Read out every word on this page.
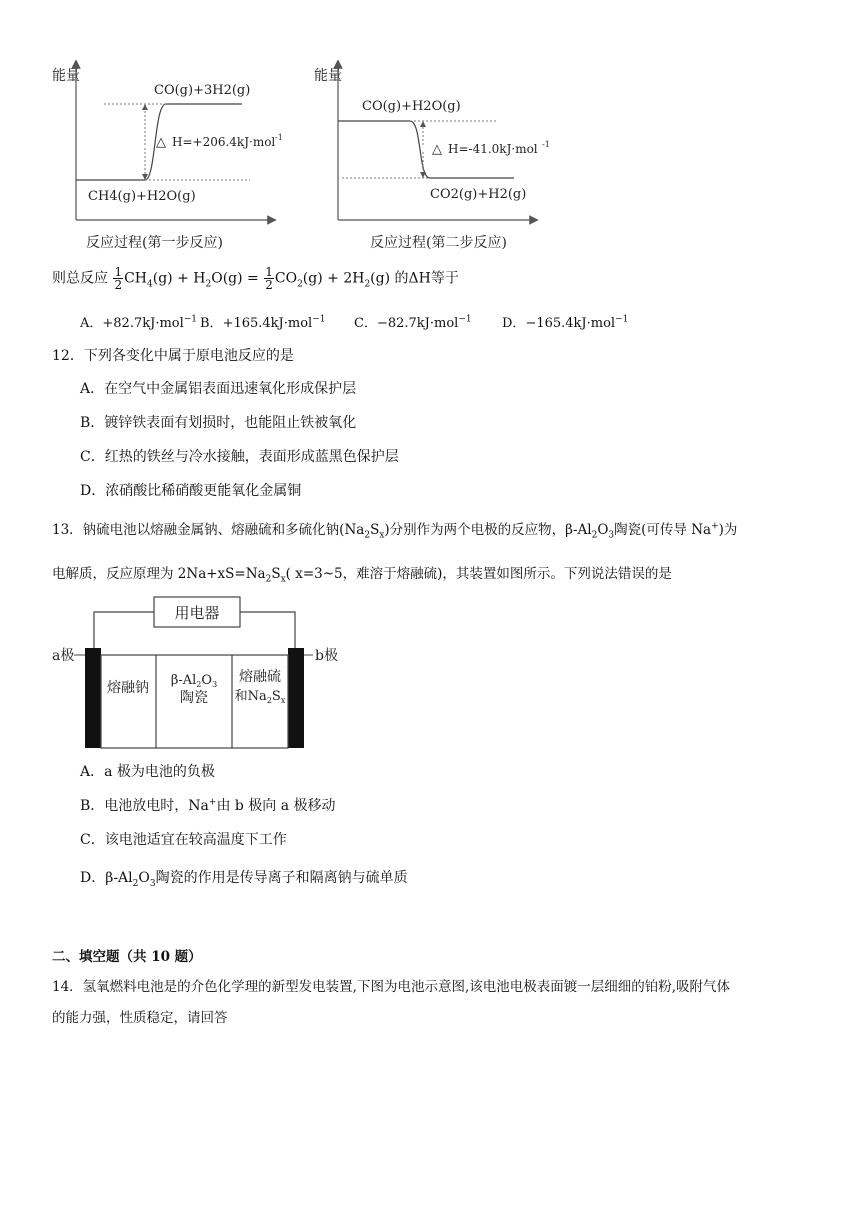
能量
CO(g)+3H2(g)
CH4(g)+H2O(g)
△ H=+206.4kJ·mol -1
反应过程(第一步反应)
能量
CO(g)+H2O(g)
CO2(g)+H2(g)
△ H=-41.0kJ·mol -1
反应过程(第二步反应)
则总反应 $\frac{1}{2} CH_4(g) + H_2O(g) = \frac{1}{2} CO_2(g) + 2H_2(g)$ 的ΔH等于
A．+82.7kJ·mol$^{-1}$ B．+165.4kJ·mol$^{-1}$ C．−82.7kJ·mol$^{-1}$ D．−165.4kJ·mol$^{-1}$
12．下列各变化中属于原电池反应的是
A．在空气中金属铝表面迅速氧化形成保护层
B．镀锌铁表面有划损时，也能阻止铁被氧化
C．红热的铁丝与冷水接触，表面形成蓝黑色保护层
D．浓硝酸比稀硝酸更能氧化金属铜
13．钠硫电池以熔融金属钠、熔融硫和多硫化钠$(Na_2S_x)$分别作为两个电极的反应物，$\beta-Al_2O_3$陶瓷(可传导 Na+)为
电解质，反应原理为 $2Na+xS=Na_2S_x$( x=3~5，难溶于熔融硫)，其装置如图所示。下列说法错误的是
用电器
a极	b极
熔融钠 $\beta-Al_2O_3$
陶瓷
熔融硫
和$Na_2S_x$
A．a 极为电池的负极
B．电池放电时，Na+由 b 极向 a 极移动
C．该电池适宜在较高温度下工作
D．$\beta-Al_2O_3$陶瓷的作用是传导离子和隔离钠与硫单质
二、填空题（共 10 题）
14．氢氧燃料电池是的介色化学理的新型发电装置,下图为电池示意图,该电池电极表面镀一层细细的铂粉,吸附气体
的能力强，性质稳定，请回答
